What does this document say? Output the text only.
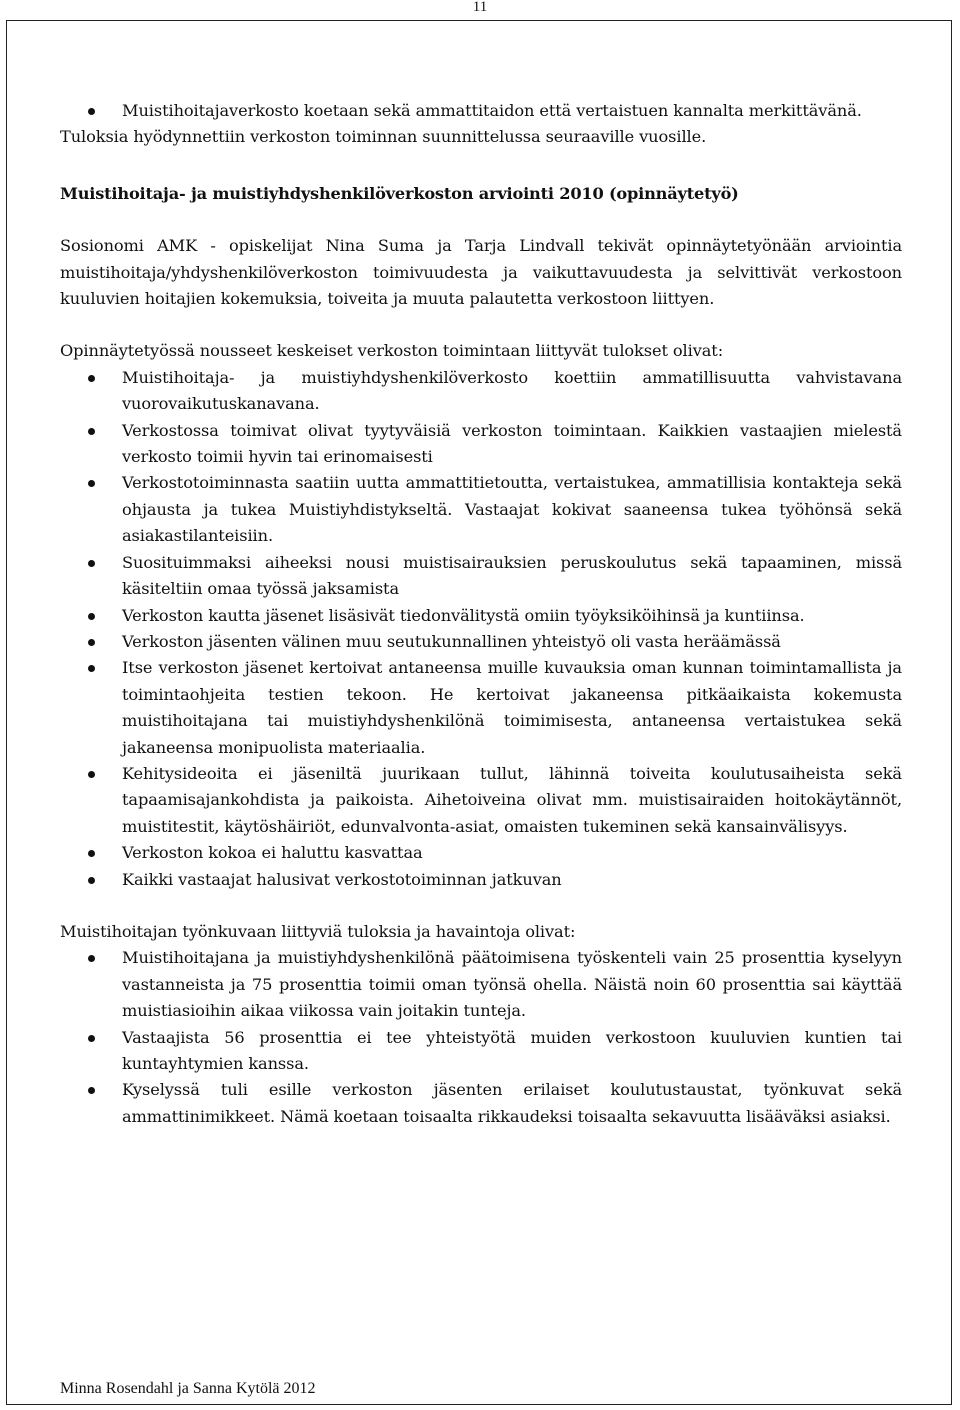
11
Muistihoitajaverkosto koetaan sekä ammattitaidon että vertaistuen kannalta merkittävänä.

Tuloksia hyödynnettiin verkoston toiminnan suunnittelussa seuraaville vuosille.

Muistihoitaja- ja muistiyhdyshenkilöverkoston arviointi 2010 (opinnäytetyö)

Sosionomi AMK - opiskelijat Nina Suma ja Tarja Lindvall tekivät opinnäytetyönään arviointia muistihoitaja/yhdyshenkilöverkoston toimivuudesta ja vaikuttavuudesta ja selvittivät verkostoon kuuluvien hoitajien kokemuksia, toiveita ja muuta palautetta verkostoon liittyen.

Opinnäytetyössä nousseet keskeiset verkoston toimintaan liittyvät tulokset olivat:

Muistihoitaja- ja muistiyhdyshenkilöverkosto koettiin ammatillisuutta vahvistavana vuorovaikutuskanavana.
Verkostossa toimivat olivat tyytyväisiä verkoston toimintaan. Kaikkien vastaajien mielestä verkosto toimii hyvin tai erinomaisesti
Verkostotoiminnasta saatiin uutta ammattitietoutta, vertaistukea, ammatillisia kontakteja sekä ohjausta ja tukea Muistiyhdistykseltä. Vastaajat kokivat saaneensa tukea työhönsä sekä asiakastilanteisiin.
Suosituimmaksi aiheeksi nousi muistisairauksien peruskoulutus sekä tapaaminen, missä käsiteltiin omaa työssä jaksamista
Verkoston kautta jäsenet lisäsivät tiedonvälitystä omiin työyksiköihinsä ja kuntiinsa.
Verkoston jäsenten välinen muu seutukunnallinen yhteistyö oli vasta heräämässä
Itse verkoston jäsenet kertoivat antaneensa muille kuvauksia oman kunnan toimintamallista ja toimintaohjeita testien tekoon. He kertoivat jakaneensa pitkäaikaista kokemusta muistihoitajana tai muistiyhdyshenkilönä toimimisesta, antaneensa vertaistukea sekä jakaneensa monipuolista materiaalia.
Kehitysideoita ei jäseniltä juurikaan tullut, lähinnä toiveita koulutusaiheista sekä tapaamisajankohdista ja paikoista. Aihetoiveina olivat mm. muistisairaiden hoitokäytännöt, muistitestit, käytöshäiriöt, edunvalvonta-asiat, omaisten tukeminen sekä kansainvälisyys.
Verkoston kokoa ei haluttu kasvattaa
Kaikki vastaajat halusivat verkostotoiminnan jatkuvan

Muistihoitajan työnkuvaan liittyviä tuloksia ja havaintoja olivat:

Muistihoitajana ja muistiyhdyshenkilönä päätoimisena työskenteli vain 25 prosenttia kyselyyn vastanneista ja 75 prosenttia toimii oman työnsä ohella. Näistä noin 60 prosenttia sai käyttää muistiasioihin aikaa viikossa vain joitakin tunteja.
Vastaajista 56 prosenttia ei tee yhteistyötä muiden verkostoon kuuluvien kuntien tai kuntayhtymien kanssa.
Kyselyssä tuli esille verkoston jäsenten erilaiset koulutustaustat, työnkuvat sekä ammattinimikkeet. Nämä koetaan toisaalta rikkaudeksi toisaalta sekavuutta lisääväksi asiaksi.
Minna Rosendahl ja Sanna Kytölä 2012
